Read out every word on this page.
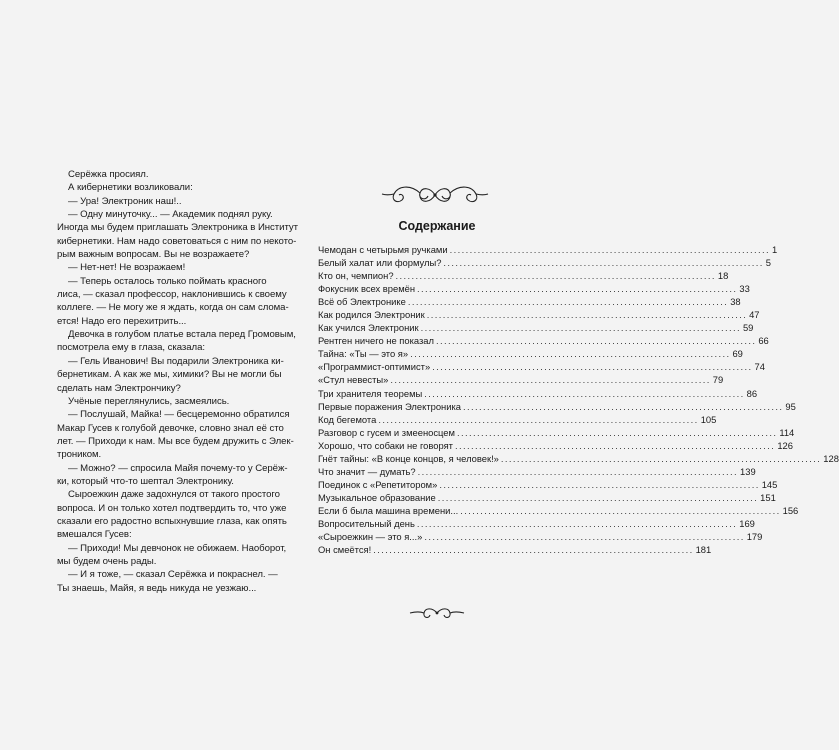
Серёжка просиял.
А кибернетики возликовали:
— Ура! Электроник наш!..
— Одну минуточку... — Академик поднял руку.
Иногда мы будем приглашать Электроника в Институт
кибернетики. Нам надо советоваться с ним по некото-
рым важным вопросам. Вы не возражаете?
— Нет-нет! Не возражаем!
— Теперь осталось только поймать красного
лиса, — сказал профессор, наклонившись к своему
коллеге. — Не могу же я ждать, когда он сам слома-
ется! Надо его перехитрить...
Девочка в голубом платье встала перед Громовым,
посмотрела ему в глаза, сказала:
— Гель Иванович! Вы подарили Электроника ки-
бернетикам. А как же мы, химики? Вы не могли бы
сделать нам Электрончику?
Учёные переглянулись, засмеялись.
— Послушай, Майка! — бесцеремонно обратился
Макар Гусев к голубой девочке, словно знал её сто
лет. — Приходи к нам. Мы все будем дружить с Элек-
троником.
— Можно? — спросила Майя почему-то у Серёж-
ки, который что-то шептал Электронику.
Сыроежкин даже задохнулся от такого простого
вопроса. И он только хотел подтвердить то, что уже
сказали его радостно вспыхнувшие глаза, как опять
вмешался Гусев:
— Приходи! Мы девчонок не обижаем. Наоборот,
мы будем очень рады.
— И я тоже, — сказал Серёжка и покраснел. —
Ты знаешь, Майя, я ведь никуда не уезжаю...
Содержание
Чемодан с четырьмя ручками ................................................................................ 1
Белый халат или формулы? ................................................................................ 5
Кто он, чемпион? ................................................................................ 18
Фокусник всех времён ................................................................................ 33
Всё об Электронике ................................................................................ 38
Как родился Электроник ................................................................................ 47
Как учился Электроник ................................................................................ 59
Рентген ничего не показал ................................................................................ 66
Тайна: «Ты — это я» ................................................................................ 69
«Программист-оптимист» ................................................................................ 74
«Стул невесты» ................................................................................ 79
Три хранителя теоремы ................................................................................ 86
Первые поражения Электроника ................................................................................ 95
Код бегемота ................................................................................ 105
Разговор с гусем и змееносцем ................................................................................ 114
Хорошо, что собаки не говорят ................................................................................ 126
Гнёт тайны: «В конце концов, я человек!» ................................................................................ 128
Что значит — думать? ................................................................................ 139
Поединок с «Репетитором» ................................................................................ 145
Музыкальное образование ................................................................................ 151
Если б была машина времени... ................................................................................ 156
Вопросительный день ................................................................................ 169
«Сыроежкин — это я...» ................................................................................ 179
Он смеётся! ................................................................................ 181
